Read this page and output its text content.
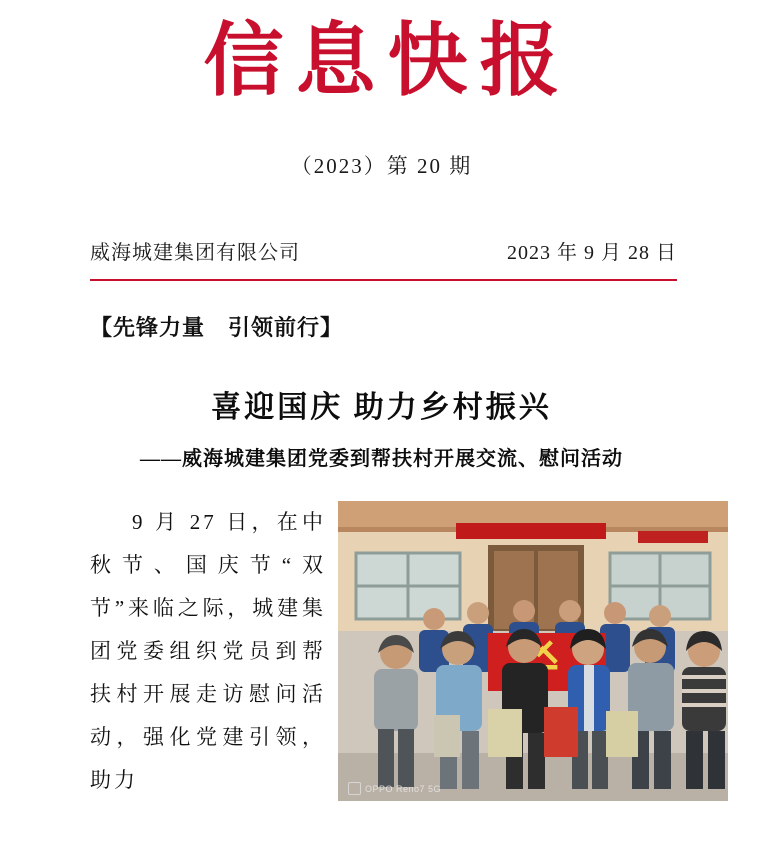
信息快报
（2023）第 20 期
威海城建集团有限公司	2023 年 9 月 28 日
【先锋力量　引领前行】
喜迎国庆 助力乡村振兴
——威海城建集团党委到帮扶村开展交流、慰问活动
9 月 27 日，在中秋节、国庆节“双节”来临之际，城建集团党委组织党员到帮扶村开展走访慰问活动，强化党建引领，助力	OPPO Reno7 5G
